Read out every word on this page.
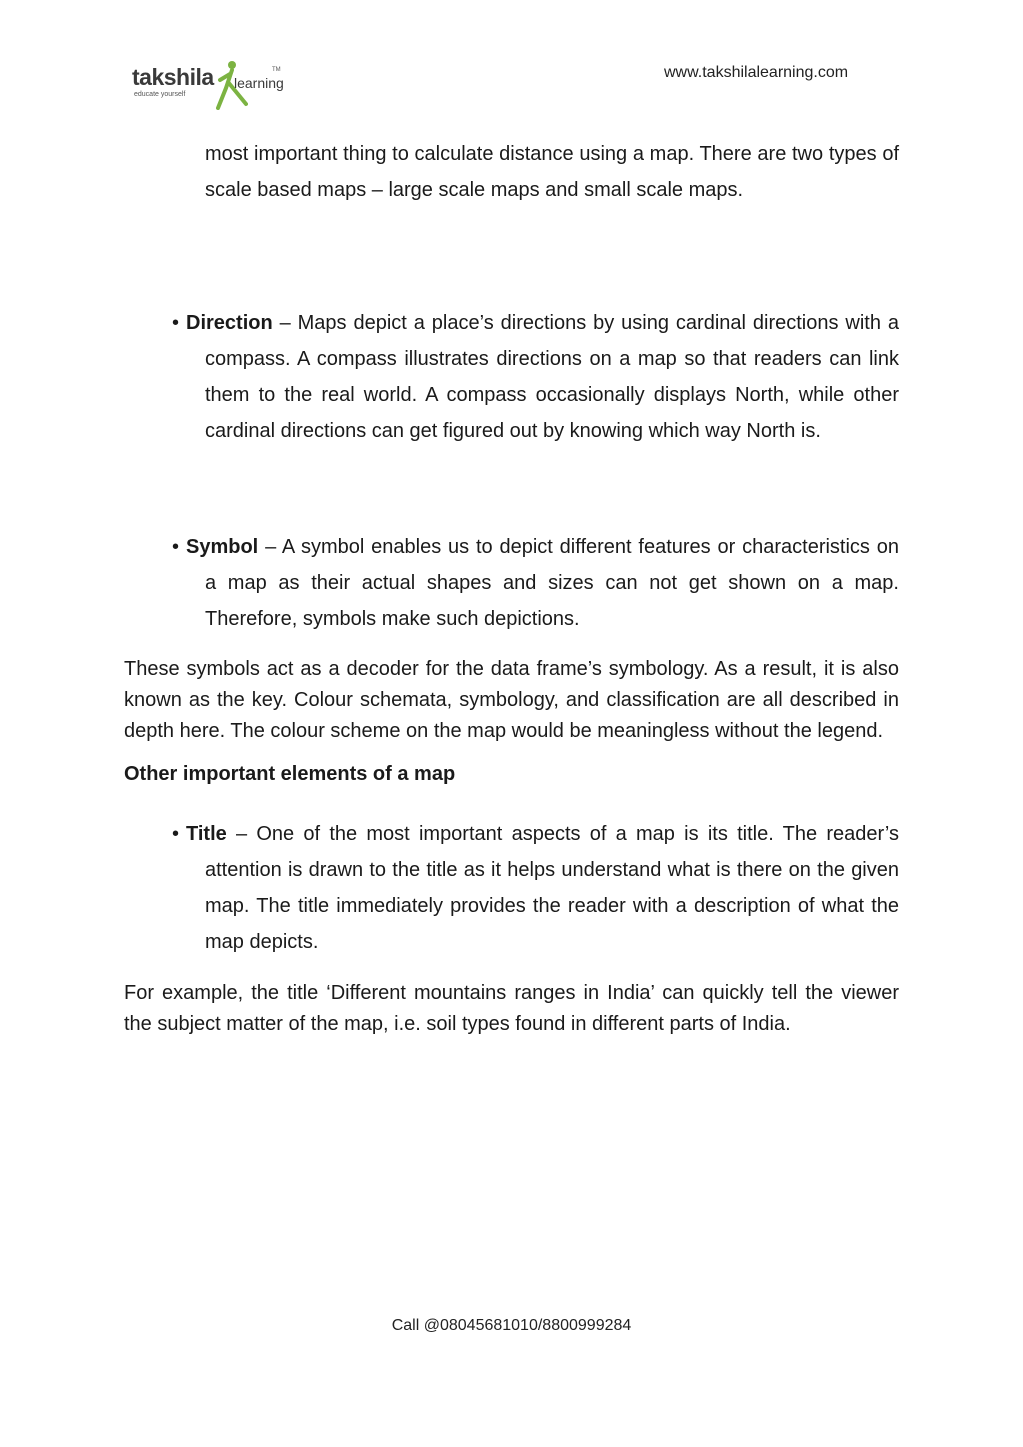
takshila learning
TM
educate yourself
www.takshilalearning.com
most important thing to calculate distance using a map. There are two types of scale based maps – large scale maps and small scale maps.
• Direction – Maps depict a place’s directions by using cardinal directions with a compass. A compass illustrates directions on a map so that readers can link them to the real world. A compass occasionally displays North, while other cardinal directions can get figured out by knowing which way North is.
• Symbol – A symbol enables us to depict different features or characteristics on a map as their actual shapes and sizes can not get shown on a map. Therefore, symbols make such depictions.
These symbols act as a decoder for the data frame’s symbology. As a result, it is also known as the key. Colour schemata, symbology, and classification are all described in depth here. The colour scheme on the map would be meaningless without the legend.
Other important elements of a map
• Title – One of the most important aspects of a map is its title. The reader’s attention is drawn to the title as it helps understand what is there on the given map. The title immediately provides the reader with a description of what the map depicts.
For example, the title ‘Different mountains ranges in India’ can quickly tell the viewer the subject matter of the map, i.e. soil types found in different parts of India.
Call @08045681010/8800999284
